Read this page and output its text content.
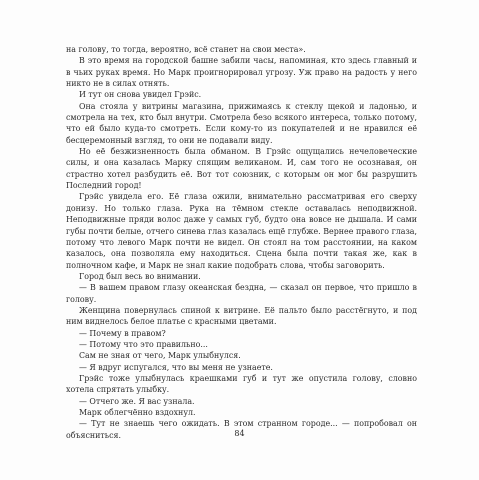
на голову, то тогда, вероятно, всё станет на свои места».

В это время на городской башне забили часы, напоминая, кто здесь главный и в чьих руках время. Но Марк проигнорировал угрозу. Уж право на радость у него никто не в силах отнять.

И тут он снова увидел Грэйс.

Она стояла у витрины магазина, прижимаясь к стеклу щекой и ладонью, и смотрела на тех, кто был внутри. Смотрела безо всякого интереса, только потому, что ей было куда-то смотреть. Если кому-то из покупателей и не нравился её бесцеремонный взгляд, то они не подавали виду.

Но её безжизненность была обманом. В Грэйс ощущались нечеловеческие силы, и она казалась Марку спящим великаном. И, сам того не осознавая, он страстно хотел разбудить её. Вот тот союзник, с которым он мог бы разрушить Последний город!

Грэйс увидела его. Её глаза ожили, внимательно рассматривая его сверху донизу. Но только глаза. Рука на тёмном стекле оставалась неподвижной. Неподвижные пряди волос даже у самых губ, будто она вовсе не дышала. И сами губы почти белые, отчего синева глаз казалась ещё глубже. Вернее правого глаза, потому что левого Марк почти не видел. Он стоял на том расстоянии, на каком казалось, она позволяла ему находиться. Сцена была почти такая же, как в полночном кафе, и Марк не знал какие подобрать слова, чтобы заговорить.

Город был весь во внимании.

— В вашем правом глазу океанская бездна, — сказал он первое, что пришло в голову.

Женщина повернулась спиной к витрине. Её пальто было расстёгнуто, и под ним виднелось белое платье с красными цветами.

— Почему в правом?

— Потому что это правильно...

Сам не зная от чего, Марк улыбнулся.

— Я вдруг испугался, что вы меня не узнаете.

Грэйс тоже улыбнулась краешками губ и тут же опустила голову, словно хотела спрятать улыбку.

— Отчего же. Я вас узнала.

Марк облегчённо вздохнул.

— Тут не знаешь чего ожидать. В этом странном городе... — попробовал он объясниться.	84
